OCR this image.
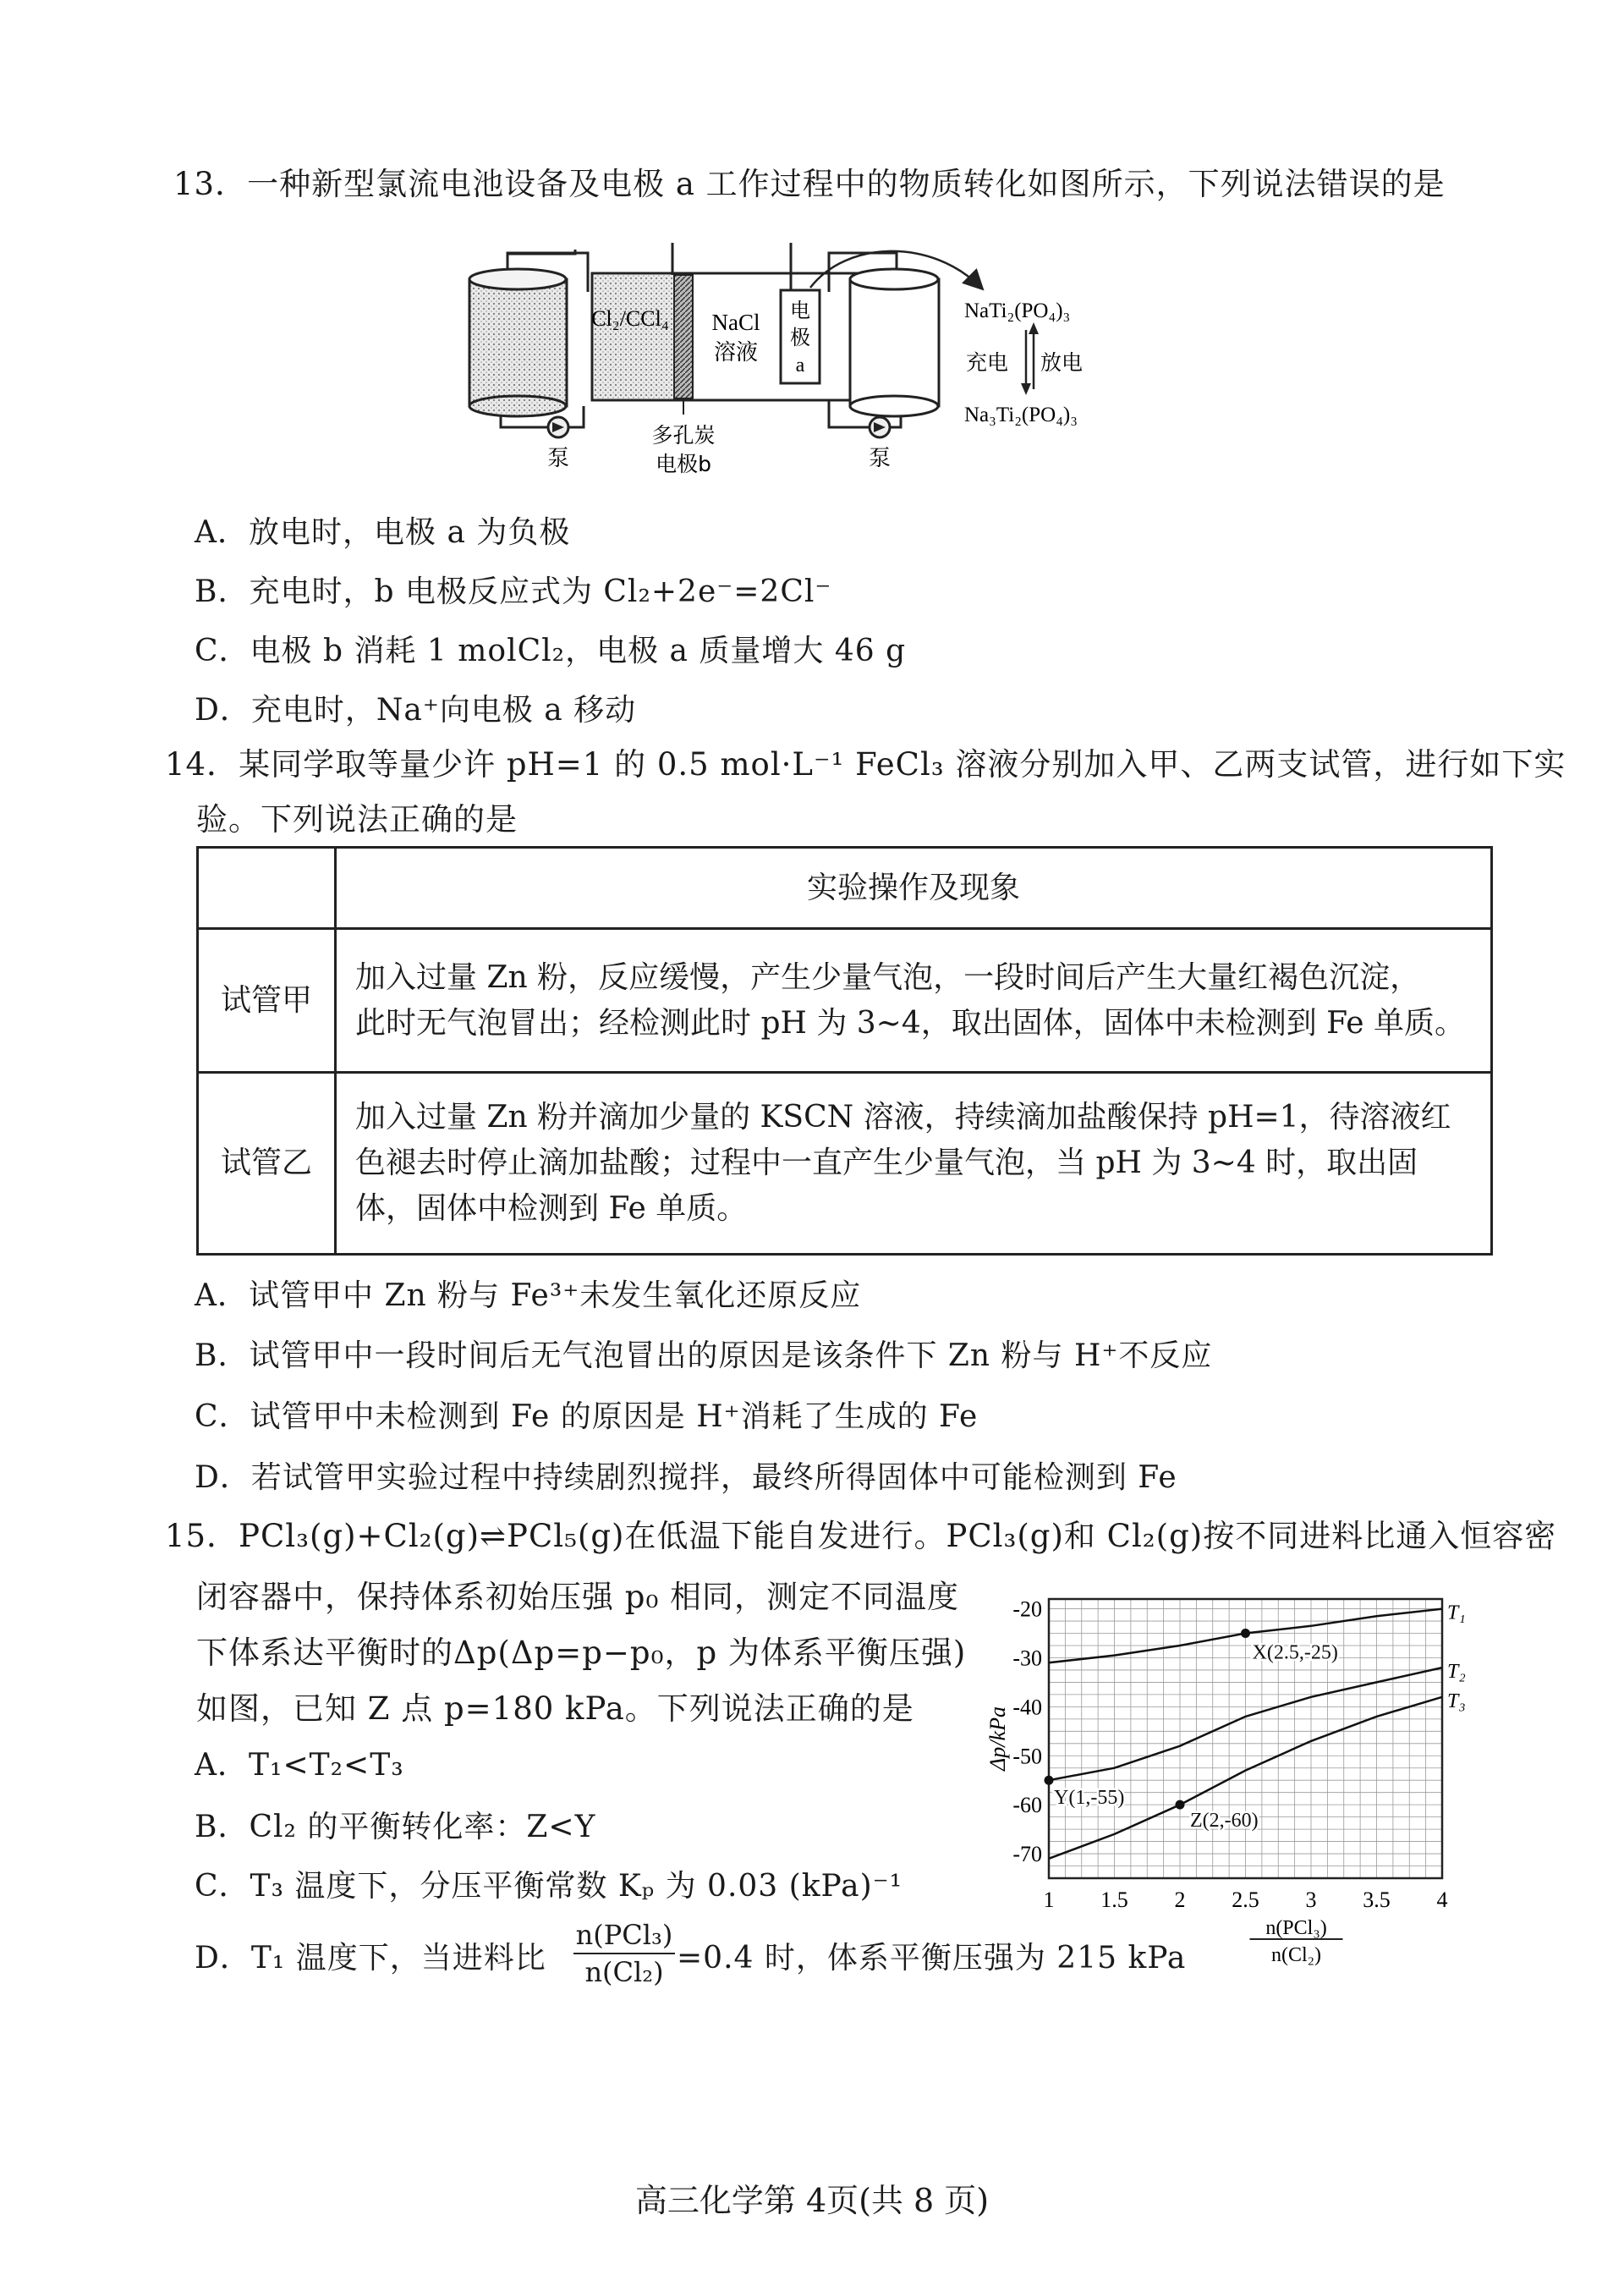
13．一种新型氯流电池设备及电极 a 工作过程中的物质转化如图所示，下列说法错误的是
Cl₂/CCl₄ NaCl
溶液
电
极
a
泵	泵
多孔炭
电极b
NaTi₂(PO₄)₃
充电 放电
Na₃Ti₂(PO₄)₃
A．放电时，电极 a 为负极
B．充电时，b 电极反应式为 Cl₂+2e⁻=2Cl⁻
C．电极 b 消耗 1 molCl₂，电极 a 质量增大 46 g
D．充电时，Na⁺向电极 a 移动
14．某同学取等量少许 pH=1 的 0.5 mol·L⁻¹ FeCl₃ 溶液分别加入甲、乙两支试管，进行如下实
验。下列说法正确的是
	实验操作及现象
试管甲	加入过量 Zn 粉，反应缓慢，产生少量气泡，一段时间后产生大量红褐色沉淀，
此时无气泡冒出；经检测此时 pH 为 3~4，取出固体，固体中未检测到 Fe 单质。

试管乙	加入过量 Zn 粉并滴加少量的 KSCN 溶液，持续滴加盐酸保持 pH=1，待溶液红
色褪去时停止滴加盐酸；过程中一直产生少量气泡，当 pH 为 3~4 时，取出固
体，固体中检测到 Fe 单质。
A．试管甲中 Zn 粉与 Fe³⁺未发生氧化还原反应
B．试管甲中一段时间后无气泡冒出的原因是该条件下 Zn 粉与 H⁺不反应
C．试管甲中未检测到 Fe 的原因是 H⁺消耗了生成的 Fe
D．若试管甲实验过程中持续剧烈搅拌，最终所得固体中可能检测到 Fe
15．PCl₃(g)+Cl₂(g)⇌PCl₅(g)在低温下能自发进行。PCl₃(g)和 Cl₂(g)按不同进料比通入恒容密
闭容器中，保持体系初始压强 p₀ 相同，测定不同温度
下体系达平衡时的Δp(Δp=p−p₀，p 为体系平衡压强)
如图，已知 Z 点 p=180 kPa。下列说法正确的是
A．T₁<T₂<T₃
B．Cl₂ 的平衡转化率：Z<Y
C．T₃ 温度下，分压平衡常数 Kₚ 为 0.03 (kPa)⁻¹
D．T₁ 温度下，当进料比
n(PCl₃)
n(Cl₂) =0.4 时，体系平衡压强为 215 kPa
1 1.5 2 2.5 3 3.5 4
-20
-30
-40
-50
-60
-70
Δp/kPa
n(PCl₃)
n(Cl₂)
T₁
T₂
T₃
X(2.5,-25)
Y(1,-55)
Z(2,-60)
高三化学第 4页(共 8 页)
